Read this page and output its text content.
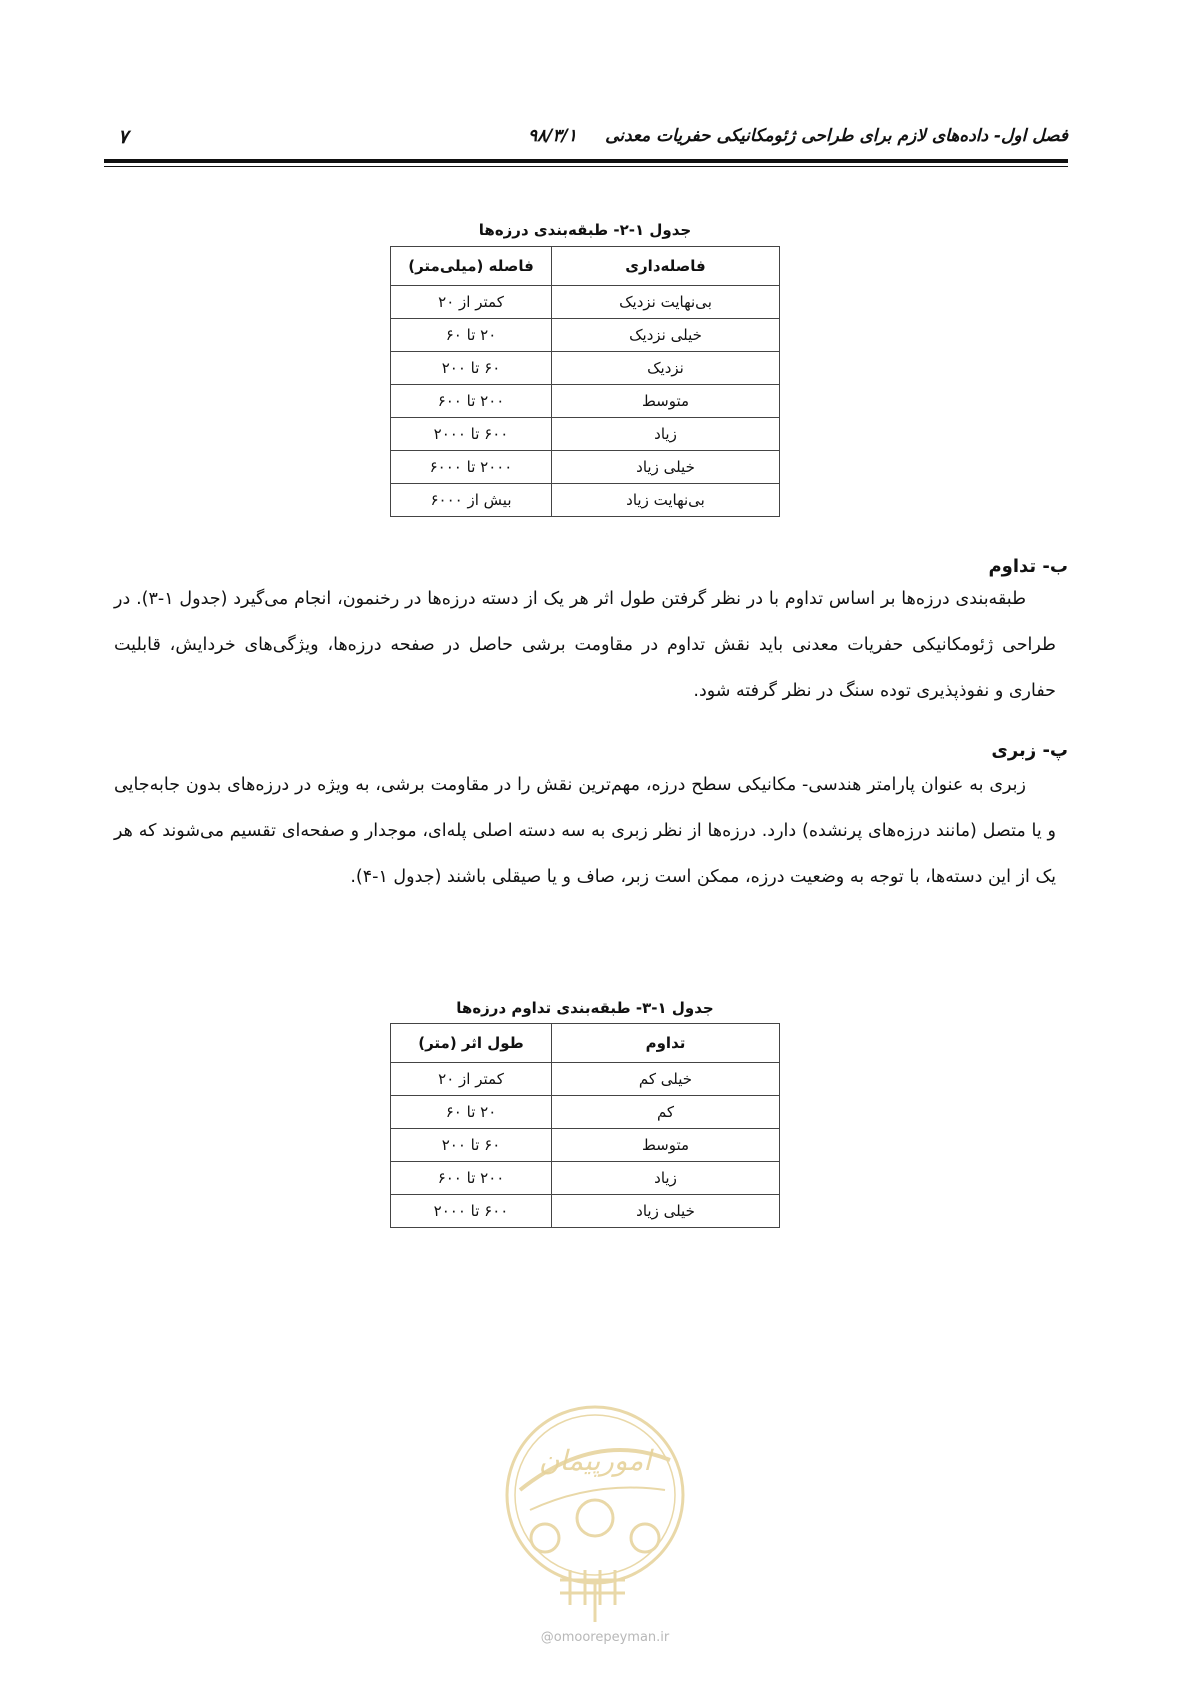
فصل اول- داده‌های لازم برای طراحی ژئومکانیکی حفریات معدنی
۹۸/۳/۱
۷
جدول ۱-۲- طبقه‌بندی درزه‌ها
فاصله‌داری	فاصله (میلی‌متر)
بی‌نهایت نزدیک	کمتر از ۲۰
خیلی نزدیک	۲۰ تا ۶۰
نزدیک	۶۰ تا ۲۰۰
متوسط	۲۰۰ تا ۶۰۰
زیاد	۶۰۰ تا ۲۰۰۰
خیلی زیاد	۲۰۰۰ تا ۶۰۰۰
بی‌نهایت زیاد	بیش از ۶۰۰۰
ب- تداوم

طبقه‌بندی درزه‌ها بر اساس تداوم با در نظر گرفتن طول اثر هر یک از دسته درزه‌ها در رخنمون، انجام می‌گیرد (جدول ۱-۳). در طراحی ژئومکانیکی حفریات معدنی باید نقش تداوم در مقاومت برشی حاصل در صفحه درزه‌ها، ویژگی‌های خردایش، قابلیت حفاری و نفوذپذیری توده سنگ در نظر گرفته شود.

پ- زبری

زبری به عنوان پارامتر هندسی- مکانیکی سطح درزه، مهم‌ترین نقش را در مقاومت برشی، به ویژه در درزه‌های بدون جابه‌جایی و یا متصل (مانند درزه‌های پرنشده) دارد. درزه‌ها از نظر زبری به سه دسته اصلی پله‌ای، موجدار و صفحه‌ای تقسیم می‌شوند که هر یک از این دسته‌ها، با توجه به وضعیت درزه، ممکن است زبر، صاف و یا صیقلی باشند (جدول ۱-۴).

جدول ۱-۳- طبقه‌بندی تداوم درزه‌ها
تداوم	طول اثر (متر)
خیلی کم	کمتر از ۲۰
کم	۲۰ تا ۶۰
متوسط	۶۰ تا ۲۰۰
زیاد	۲۰۰ تا ۶۰۰
خیلی زیاد	۶۰۰ تا ۲۰۰۰
امورپیمان
@omoorepeyman.ir
